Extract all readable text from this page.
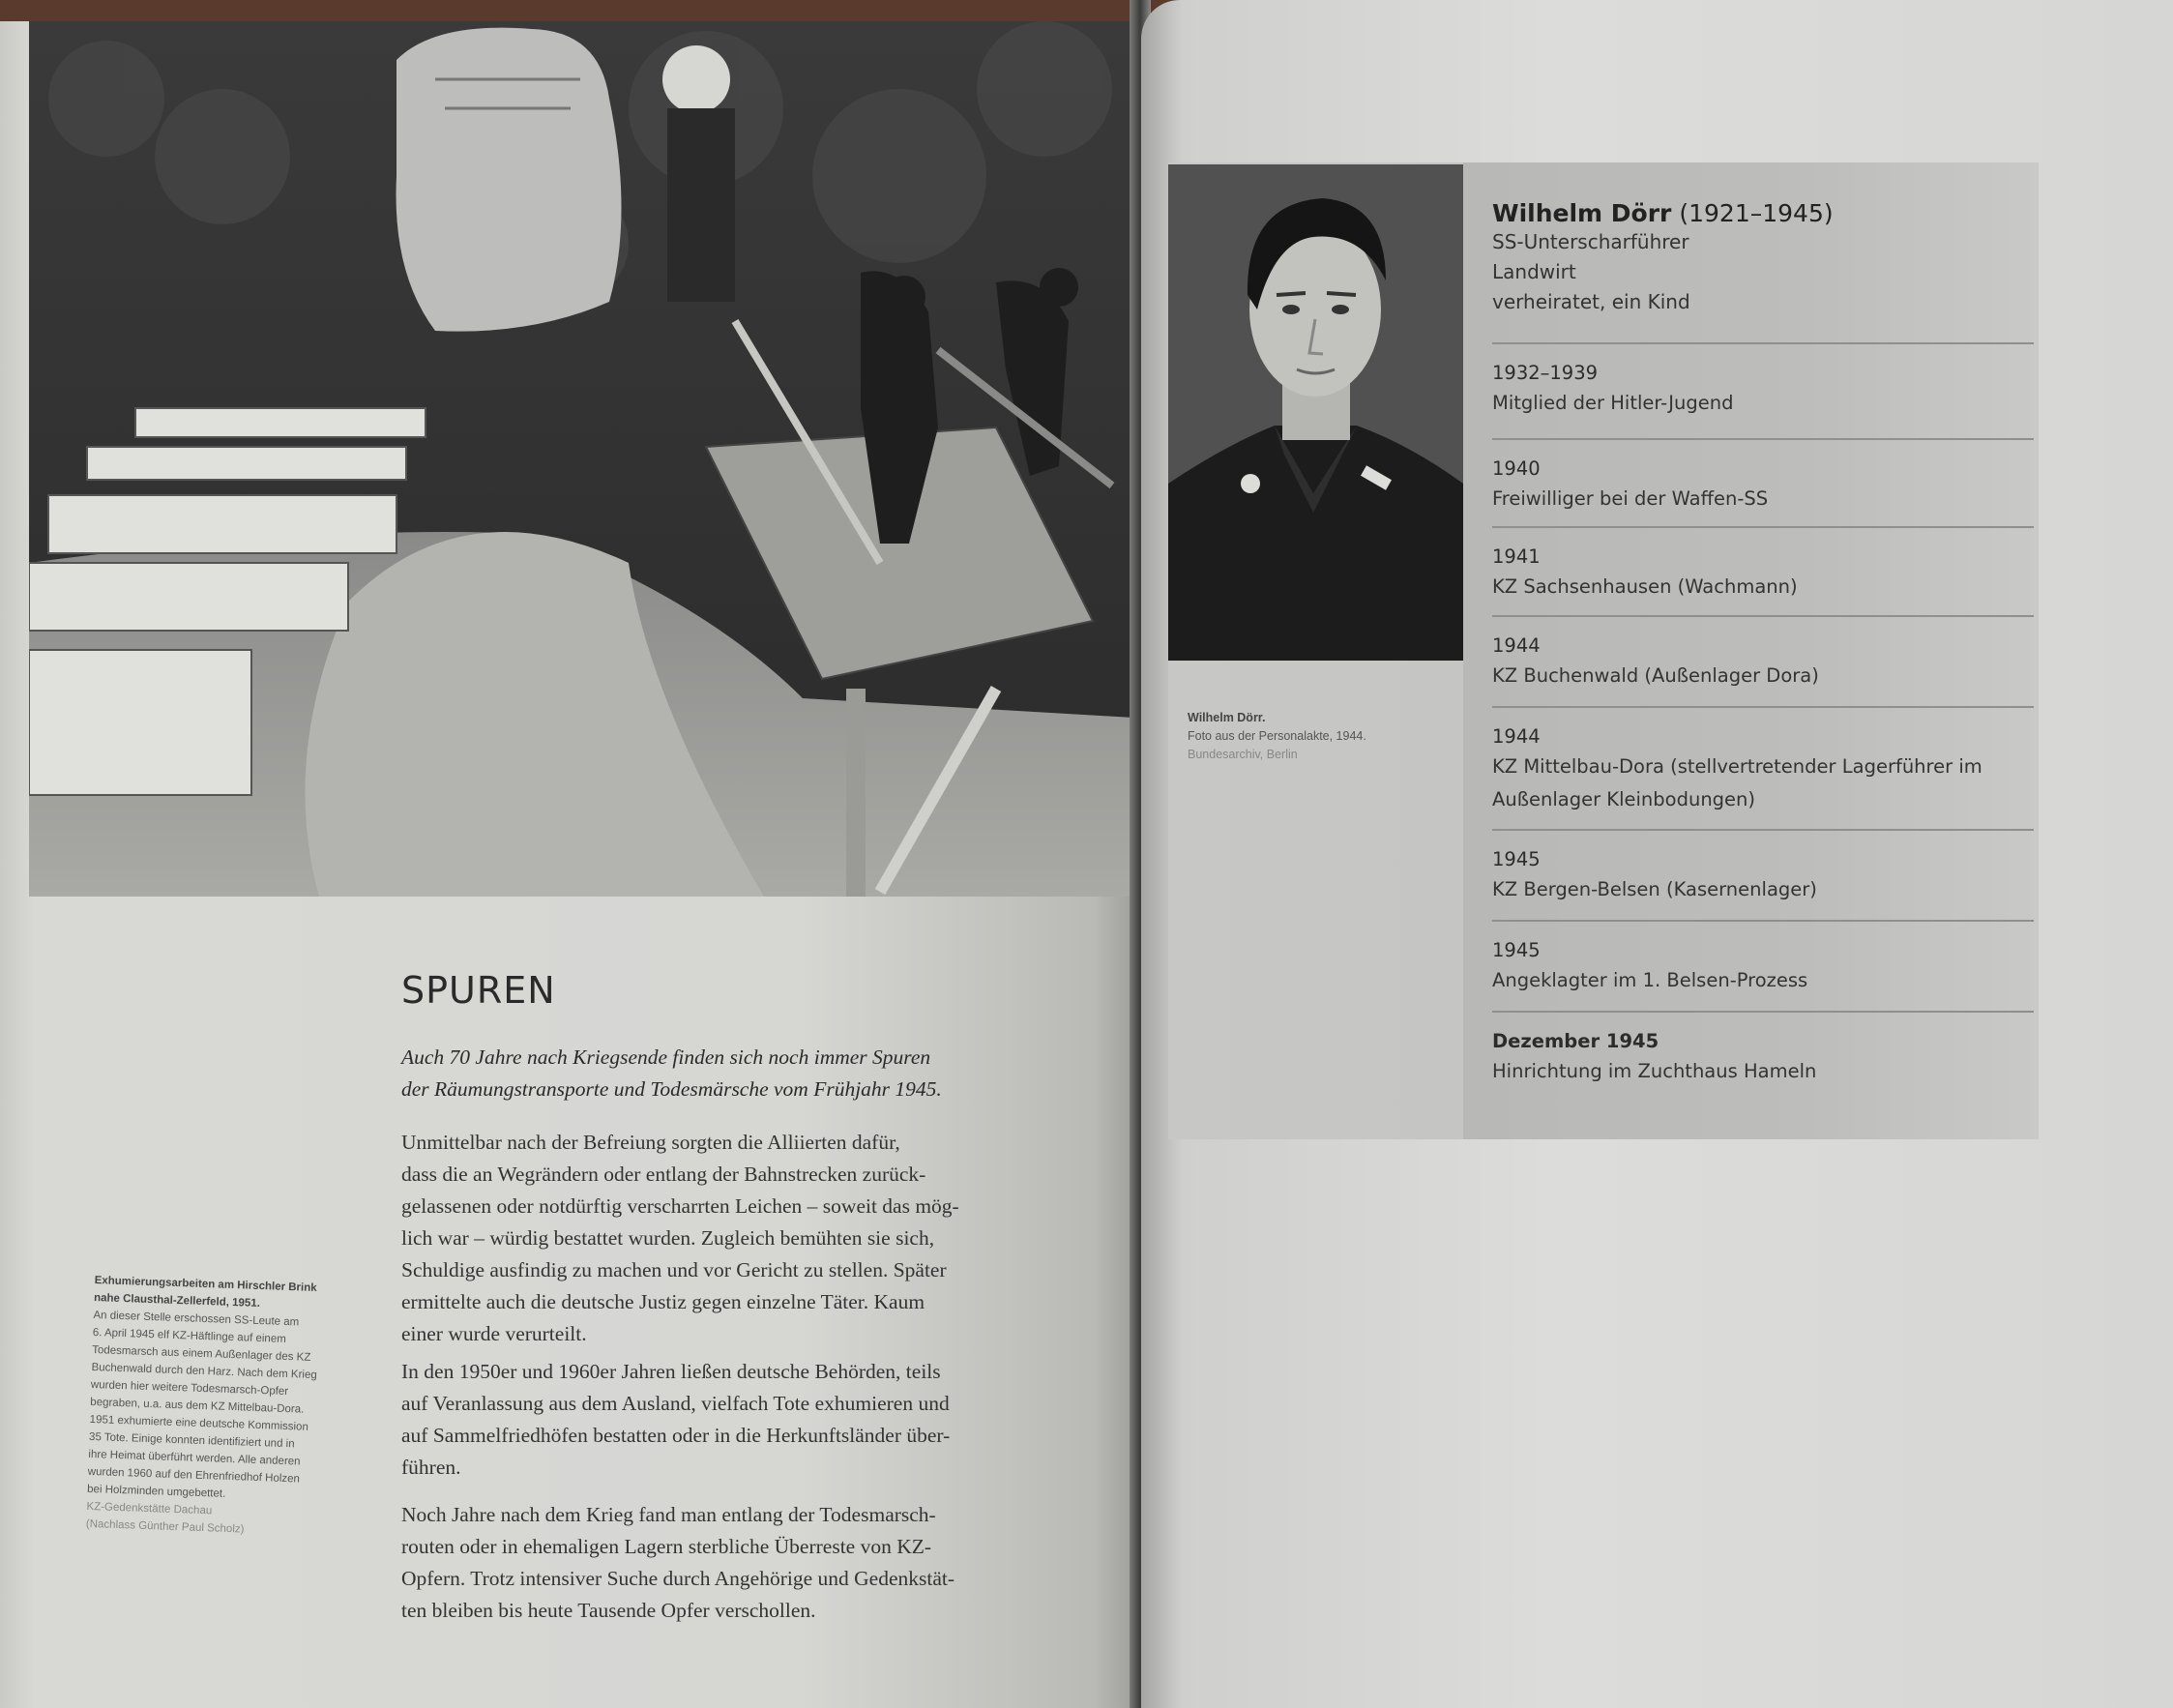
SPUREN

Auch 70 Jahre nach Kriegsende finden sich noch immer Spuren
der Räumungstransporte und Todesmärsche vom Frühjahr 1945.

Unmittelbar nach der Befreiung sorgten die Alliierten dafür,
dass die an Wegrändern oder entlang der Bahnstrecken zurück-
gelassenen oder notdürftig verscharrten Leichen – soweit das mög-
lich war – würdig bestattet wurden. Zugleich bemühten sie sich,
Schuldige ausfindig zu machen und vor Gericht zu stellen. Später
ermittelte auch die deutsche Justiz gegen einzelne Täter. Kaum
einer wurde verurteilt.

In den 1950er und 1960er Jahren ließen deutsche Behörden, teils
auf Veranlassung aus dem Ausland, vielfach Tote exhumieren und
auf Sammelfriedhöfen bestatten oder in die Herkunftsländer über-
führen.

Noch Jahre nach dem Krieg fand man entlang der Todesmarsch-
routen oder in ehemaligen Lagern sterbliche Überreste von KZ-
Opfern. Trotz intensiver Suche durch Angehörige und Gedenkstät-
ten bleiben bis heute Tausende Opfer verschollen.

Exhumierungsarbeiten am Hirschler Brink
nahe Clausthal-Zellerfeld, 1951.
An dieser Stelle erschossen SS-Leute am
6. April 1945 elf KZ-Häftlinge auf einem
Todesmarsch aus einem Außenlager des KZ
Buchenwald durch den Harz. Nach dem Krieg
wurden hier weitere Todesmarsch-Opfer
begraben, u.a. aus dem KZ Mittelbau-Dora.
1951 exhumierte eine deutsche Kommission
35 Tote. Einige konnten identifiziert und in
ihre Heimat überführt werden. Alle anderen
wurden 1960 auf den Ehrenfriedhof Holzen
bei Holzminden umgebettet.
KZ-Gedenkstätte Dachau
(Nachlass Günther Paul Scholz)
Wilhelm Dörr.
Foto aus der Personalakte, 1944.
Bundesarchiv, Berlin
Wilhelm Dörr (1921–1945)
SS-Unterscharführer
Landwirt
verheiratet, ein Kind
1932–1939
Mitglied der Hitler-Jugend
1940
Freiwilliger bei der Waffen-SS
1941
KZ Sachsenhausen (Wachmann)
1944
KZ Buchenwald (Außenlager Dora)
1944
KZ Mittelbau-Dora (stellvertretender Lagerführer im
Außenlager Kleinbodungen)
1945
KZ Bergen-Belsen (Kasernenlager)
1945
Angeklagter im 1. Belsen-Prozess
Dezember 1945
Hinrichtung im Zuchthaus Hameln
